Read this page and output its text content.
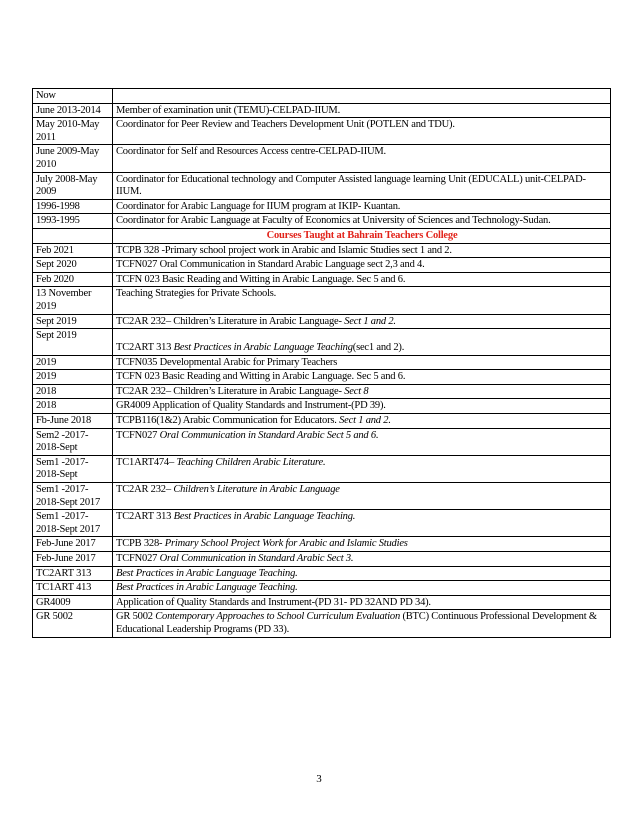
Now	
June 2013-2014	Member of examination unit (TEMU)-CELPAD-IIUM.
May 2010-May 2011	Coordinator for Peer Review and Teachers Development Unit (POTLEN and TDU).
June 2009-May 2010	Coordinator for Self and Resources Access centre-CELPAD-IIUM.
July 2008-May 2009	Coordinator for Educational technology and Computer Assisted language learning Unit (EDUCALL) unit-CELPAD-IIUM.
1996-1998	Coordinator for Arabic Language for IIUM program at IKIP- Kuantan.
1993-1995	Coordinator for Arabic Language at Faculty of Economics at University of Sciences and Technology-Sudan.
	Courses Taught at Bahrain Teachers College
Feb 2021	TCPB 328 -Primary school project work in Arabic and Islamic Studies sect 1 and 2.
Sept 2020	TCFN027 Oral Communication in Standard Arabic Language sect 2,3 and 4.
Feb 2020	TCFN 023 Basic Reading and Witting in Arabic Language. Sec 5 and 6.
13 November 2019	Teaching Strategies for Private Schools.
Sept 2019	TC2AR 232– Children’s Literature in Arabic Language- Sect 1 and 2.
Sept 2019	TC2ART 313 Best Practices in Arabic Language Teaching(sec1 and 2).
2019	TCFN035 Developmental Arabic for Primary Teachers
2019	TCFN 023 Basic Reading and Witting in Arabic Language. Sec 5 and 6.
2018	TC2AR 232– Children’s Literature in Arabic Language- Sect 8
2018	GR4009 Application of Quality Standards and Instrument-(PD 39).
Fb-June 2018	TCPB116(1&2) Arabic Communication for Educators. Sect 1 and 2.
Sem2 -2017-2018-Sept	TCFN027 Oral Communication in Standard Arabic Sect 5 and 6.
Sem1 -2017-2018-Sept	TC1ART474– Teaching Children Arabic Literature.
Sem1 -2017-2018-Sept 2017	TC2AR 232– Children’s Literature in Arabic Language
Sem1 -2017-2018-Sept 2017	TC2ART 313 Best Practices in Arabic Language Teaching.
Feb-June 2017	TCPB 328- Primary School Project Work for Arabic and Islamic Studies
Feb-June 2017	TCFN027 Oral Communication in Standard Arabic Sect 3.
TC2ART 313	Best Practices in Arabic Language Teaching.
TC1ART 413	Best Practices in Arabic Language Teaching.
GR4009	Application of Quality Standards and Instrument-(PD 31- PD 32AND PD 34).
GR 5002	GR 5002 Contemporary Approaches to School Curriculum Evaluation (BTC) Continuous Professional Development & Educational Leadership Programs (PD 33).
3
